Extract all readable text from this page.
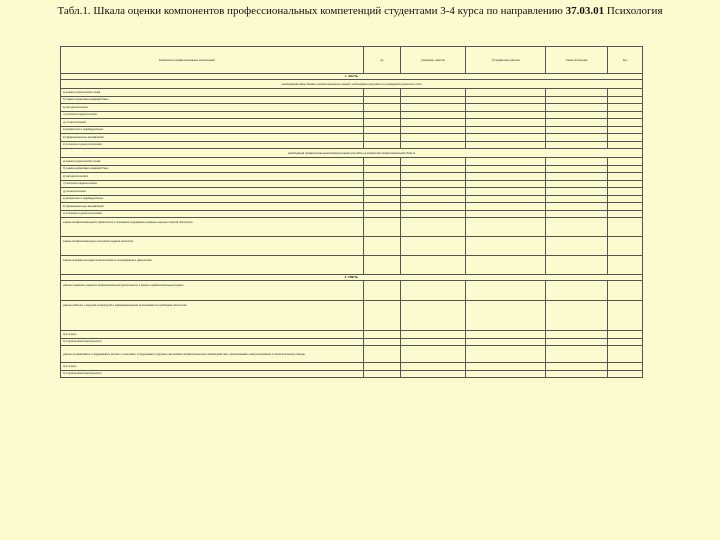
Табл.1. Шкала оценки компонентов профессиональных компетенций студентами 3-4 курса по направлению 37.03.01 Психология
Компоненты профессиональных компетенций	до	Семинары, занятия	外 предметные занятия	Самостоятельная	все
1. ЗНАТЬ					
необходимый набор базовых профессиональных знаний, необходимых для работы в учреждениях различного типа					
а) знания теоретических основ					
б) знания нормативно-правовой базы					
в) методологических					
г) психолого-педагогических					
д) технологических					
е) возрастных и индивидуальных					
ж) функциональных направлений					
з) этических и деонтологических					
необходимый профессиональный минимум знаний для работы в конкретной профессиональной области					
а) знания теоретических основ					
б) знания нормативно-правовой базы					
в) методологических					
г) психолого-педагогических					
д) технологических					
е) возрастных и индивидуальных					
ж) функциональных направлений					
з) этических и деонтологических					
знание профессиональной терминологии и понимание содержания основных научных понятий психологии					
знание профессионального этического кодекса психолога					
знание основных методов психологического исследования и диагностики					
2. УМЕТЬ					
умение применять знания в профессиональной деятельности и решать профессиональные задачи					
умение работать с научной литературой и информационными источниками по проблемам психологии					
а) в теории					
б) в практической деятельности					
умение устанавливать и поддерживать контакт с клиентами, сотрудниками и другими участниками профессионального взаимодействия, организовывать консультирование и психологическую помощь					
а) в теории					
б) в практической деятельности					
